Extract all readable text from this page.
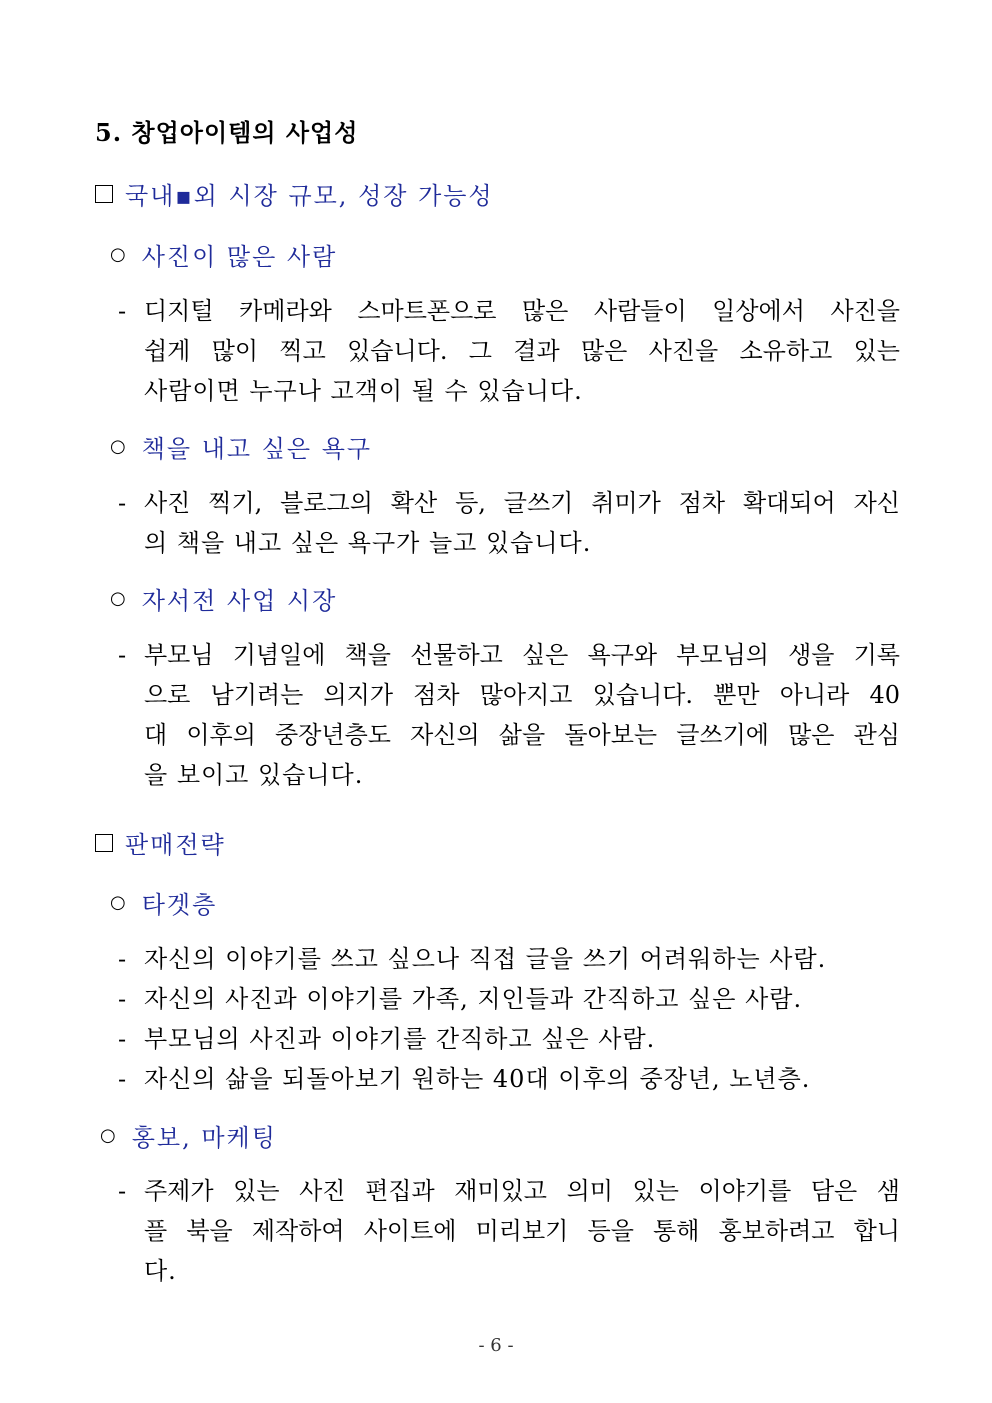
5. 창업아이템의 사업성
국내▪외 시장 규모, 성장 가능성
○ 사진이 많은 사람
- 디지털 카메라와 스마트폰으로 많은 사람들이 일상에서 사진을
쉽게 많이 찍고 있습니다. 그 결과 많은 사진을 소유하고 있는
사람이면 누구나 고객이 될 수 있습니다.
○ 책을 내고 싶은 욕구
- 사진 찍기, 블로그의 확산 등, 글쓰기 취미가 점차 확대되어 자신
의 책을 내고 싶은 욕구가 늘고 있습니다.
○ 자서전 사업 시장
- 부모님 기념일에 책을 선물하고 싶은 욕구와 부모님의 생을 기록
으로 남기려는 의지가 점차 많아지고 있습니다. 뿐만 아니라 40
대 이후의 중장년층도 자신의 삶을 돌아보는 글쓰기에 많은 관심
을 보이고 있습니다.
판매전략
○ 타겟층
- 자신의 이야기를 쓰고 싶으나 직접 글을 쓰기 어려워하는 사람.
- 자신의 사진과 이야기를 가족, 지인들과 간직하고 싶은 사람.
- 부모님의 사진과 이야기를 간직하고 싶은 사람.
- 자신의 삶을 되돌아보기 원하는 40대 이후의 중장년, 노년층.
○ 홍보, 마케팅
- 주제가 있는 사진 편집과 재미있고 의미 있는 이야기를 담은 샘
플 북을 제작하여 사이트에 미리보기 등을 통해 홍보하려고 합니
다.
- 6 -
